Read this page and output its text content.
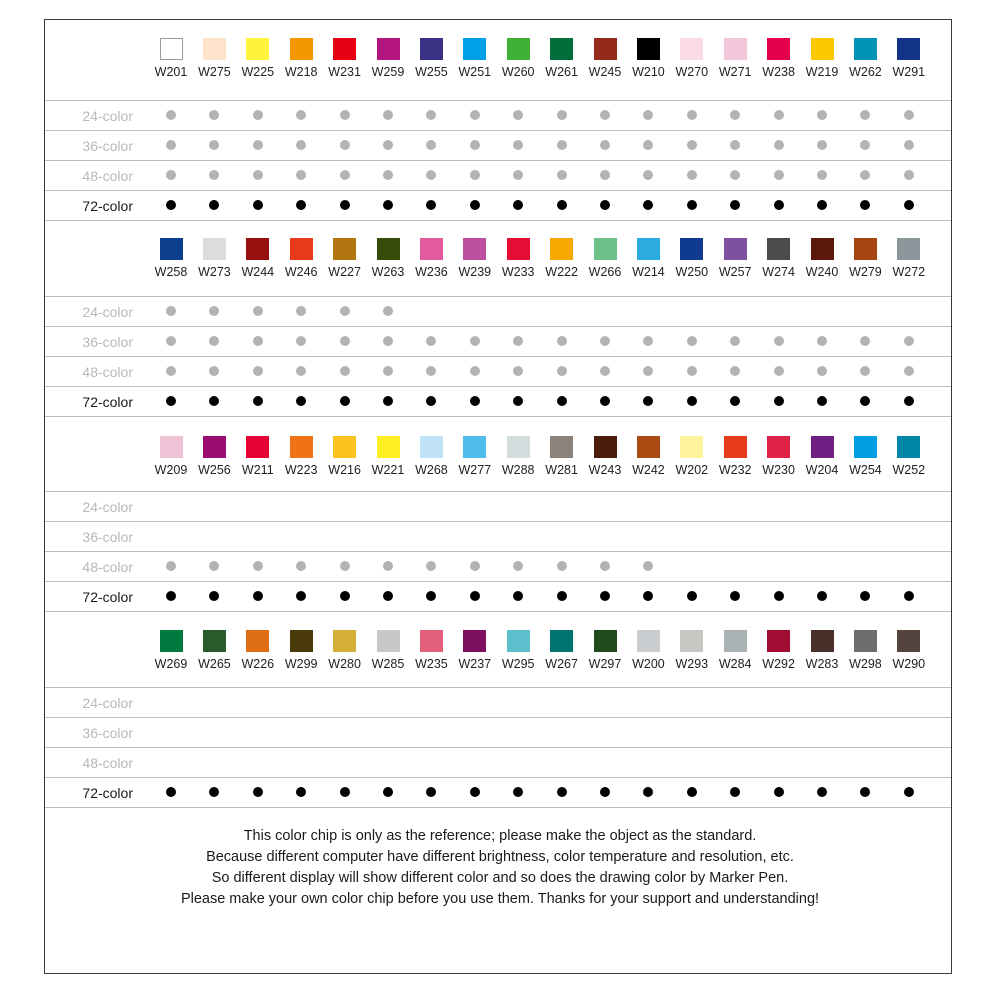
W201 W275 W225 W218 W231 W259 W255 W251 W260 W261 W245 W210 W270 W271 W238 W219 W262 W291
24-color
36-color
48-color
72-color
W258 W273 W244 W246 W227 W263 W236 W239 W233 W222 W266 W214 W250 W257 W274 W240 W279 W272
24-color
36-color
48-color
72-color
W209 W256 W211 W223 W216 W221 W268 W277 W288 W281 W243 W242 W202 W232 W230 W204 W254 W252
24-color
36-color
48-color
72-color
W269 W265 W226 W299 W280 W285 W235 W237 W295 W267 W297 W200 W293 W284 W292 W283 W298 W290
24-color
36-color
48-color
72-color
This color chip is only as the reference; please make the object as the standard.
Because different computer have different brightness, color temperature and resolution, etc.
So different display will show different color and so does the drawing color by Marker Pen.
Please make your own color chip before you use them. Thanks for your support and understanding!
